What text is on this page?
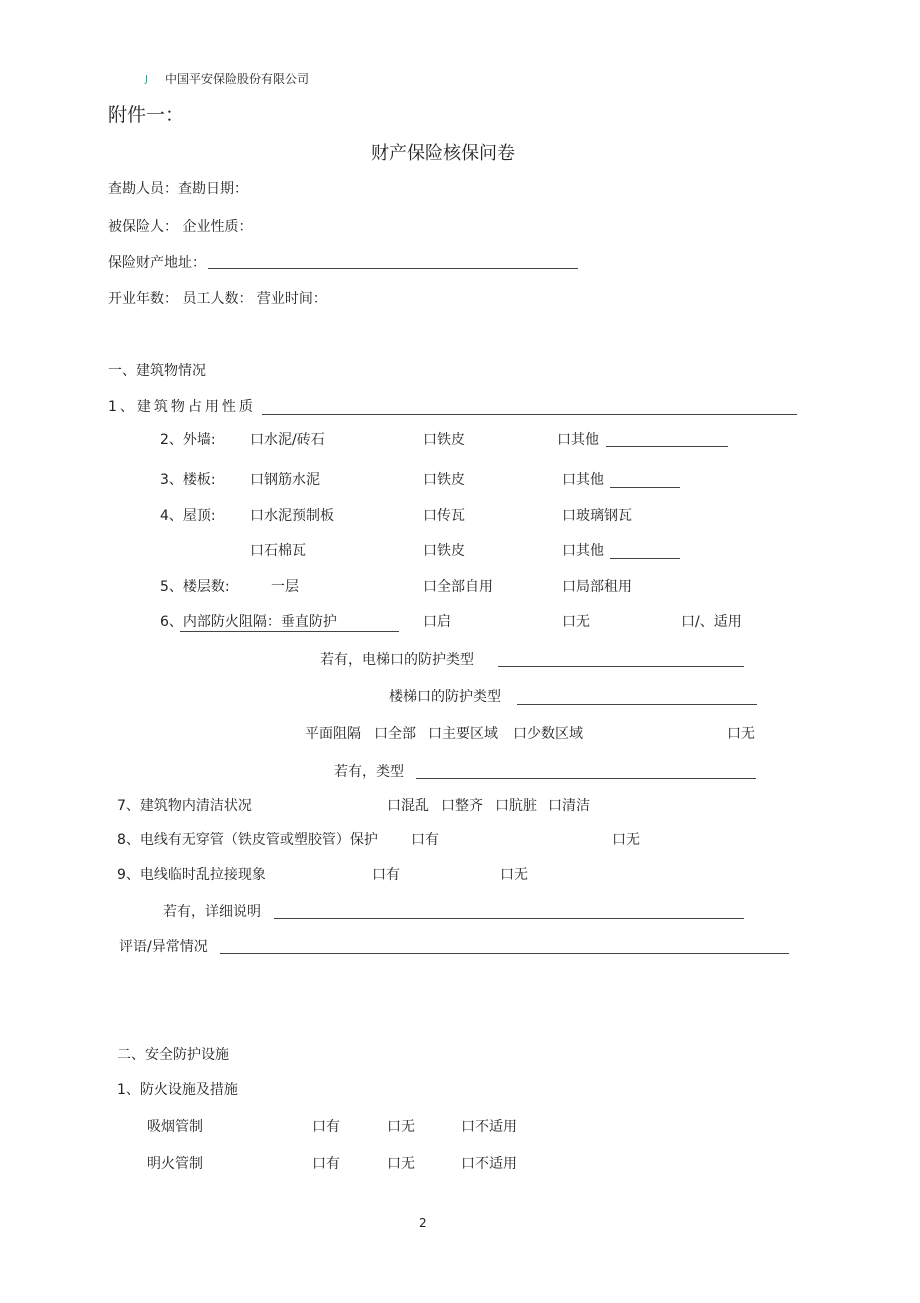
J 中国平安保险股份有限公司
附件一：
财产保险核保问卷
查勘人员：查勘日期：
被保险人： 企业性质：
保险财产地址：
开业年数： 员工人数： 营业时间：
一、建筑物情况
1、建筑物占用性质
2、外墙: 口水泥/砖石	口铁皮	口其他
3、楼板: 口钢筋水泥	口铁皮	口其他
4、屋顶: 口水泥预制板	口传瓦	口玻璃钢瓦
口石棉瓦	口铁皮	口其他
5、楼层数:	一层	口全部自用	口局部租用
6、内部防火阻隔：垂直防护	口启	口无	口/、适用
若有，电梯口的防护类型
楼梯口的防护类型
平面阻隔 口全部 口主要区域 口少数区域	口无
若有，类型
7、建筑物内清洁状况	口混乱 口整齐 口肮脏 口清洁
8、电线有无穿管（铁皮管或塑胶管）保护 口有	口无
9、电线临时乱拉接现象	口有	口无
若有，详细说明
评语/异常情况
二、安全防护设施
1、防火设施及措施
吸烟管制	口有	口无	口不适用
明火管制	口有	口无	口不适用
2
